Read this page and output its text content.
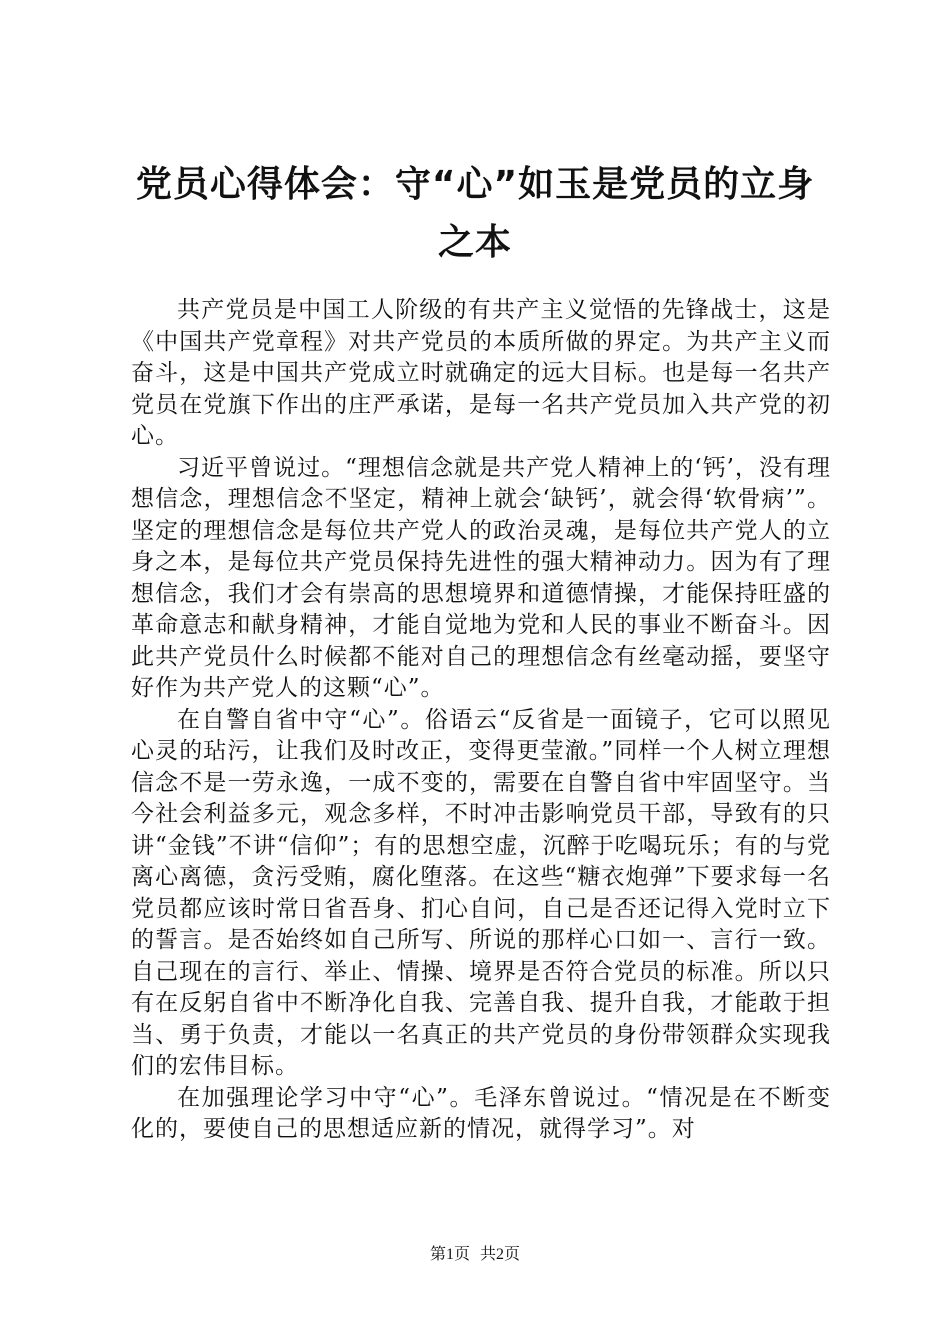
党员心得体会：守“心”如玉是党员的立身之本

共产党员是中国工人阶级的有共产主义觉悟的先锋战士，这是《中国共产党章程》对共产党员的本质所做的界定。为共产主义而奋斗，这是中国共产党成立时就确定的远大目标。也是每一名共产党员在党旗下作出的庄严承诺，是每一名共产党员加入共产党的初心。

习近平曾说过。“理想信念就是共产党人精神上的‘钙’，没有理想信念，理想信念不坚定，精神上就会‘缺钙’，就会得‘软骨病’”。坚定的理想信念是每位共产党人的政治灵魂，是每位共产党人的立身之本，是每位共产党员保持先进性的强大精神动力。因为有了理想信念，我们才会有崇高的思想境界和道德情操，才能保持旺盛的革命意志和献身精神，才能自觉地为党和人民的事业不断奋斗。因此共产党员什么时候都不能对自己的理想信念有丝毫动摇，要坚守好作为共产党人的这颗“心”。

在自警自省中守“心”。俗语云“反省是一面镜子，它可以照见心灵的玷污，让我们及时改正，变得更莹澈。”同样一个人树立理想信念不是一劳永逸，一成不变的，需要在自警自省中牢固坚守。当今社会利益多元，观念多样，不时冲击影响党员干部，导致有的只讲“金钱”不讲“信仰”；有的思想空虚，沉醉于吃喝玩乐；有的与党离心离德，贪污受贿，腐化堕落。在这些“糖衣炮弹”下要求每一名党员都应该时常日省吾身、扪心自问，自己是否还记得入党时立下的誓言。是否始终如自己所写、所说的那样心口如一、言行一致。自己现在的言行、举止、情操、境界是否符合党员的标准。所以只有在反躬自省中不断净化自我、完善自我、提升自我，才能敢于担当、勇于负责，才能以一名真正的共产党员的身份带领群众实现我们的宏伟目标。

在加强理论学习中守“心”。毛泽东曾说过。“情况是在不断变化的，要使自己的思想适应新的情况，就得学习”。对

第1页 共2页
